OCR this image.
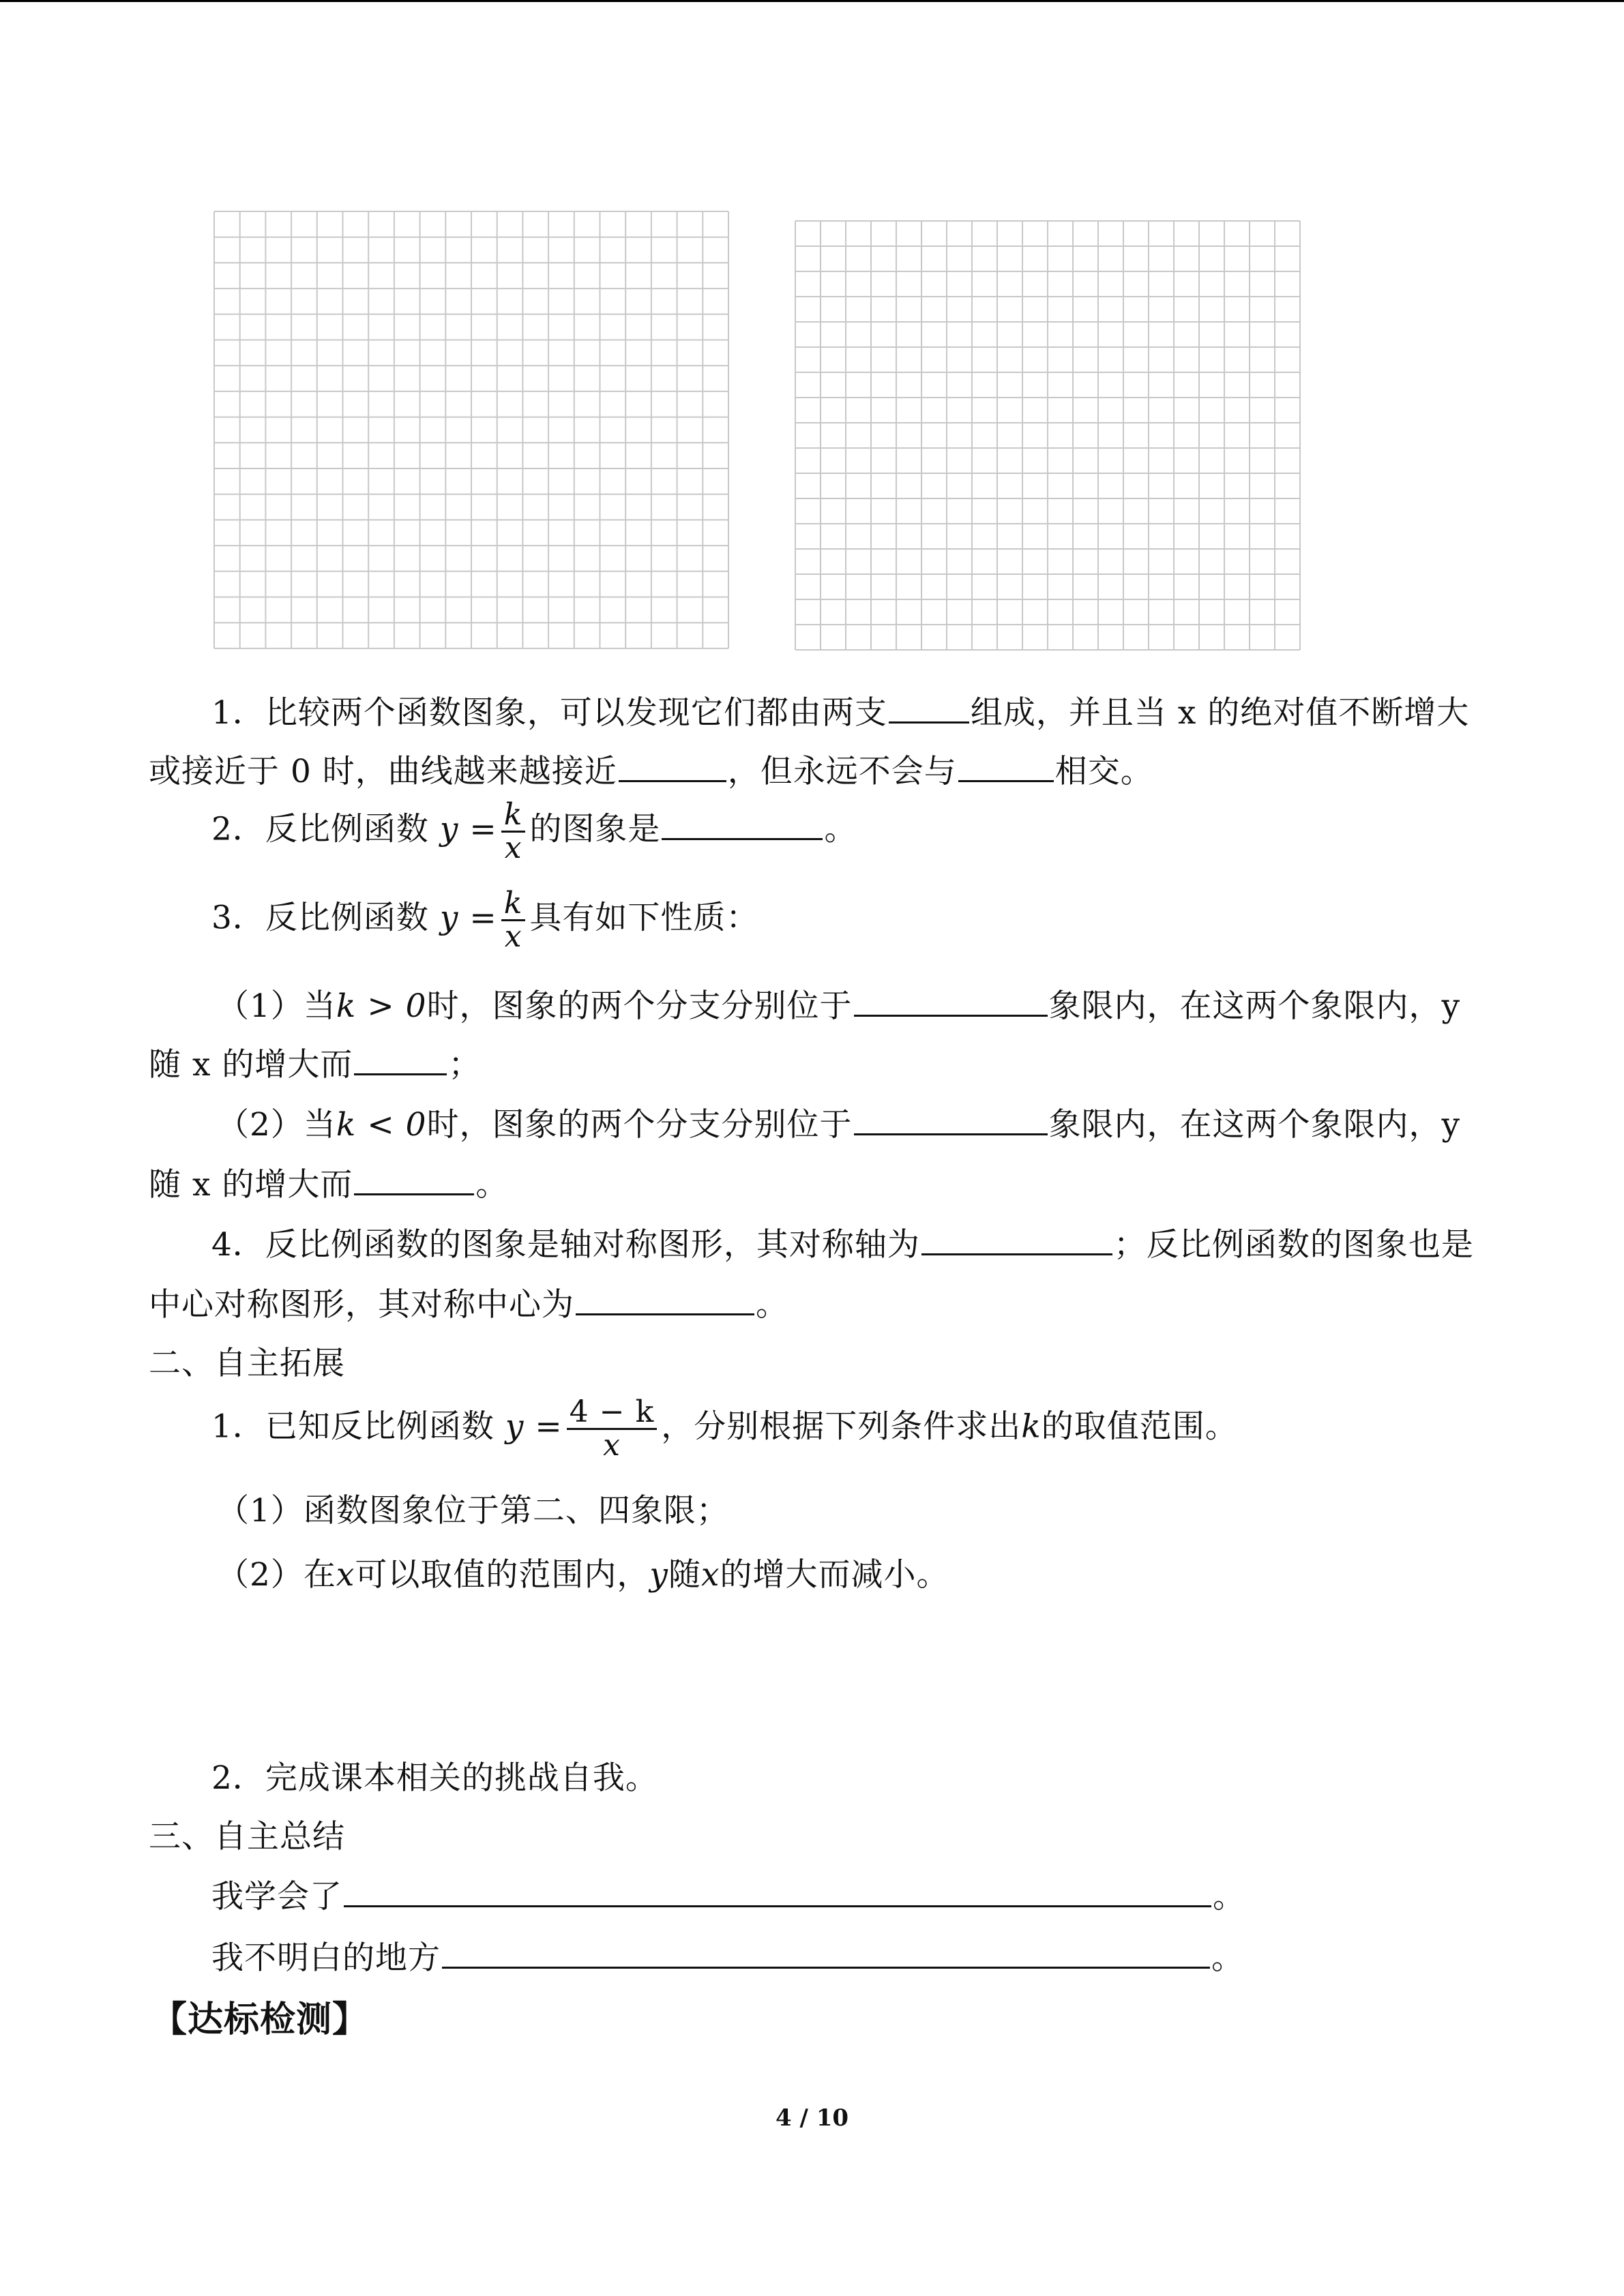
1．比较两个函数图象，可以发现它们都由两支	组成，并且当 x 的绝对值不断增大
或接近于 0 时，曲线越来越接近	，但永远不会与	相交。
2．反比例函数 $y = \frac{k}{x}$ 的图象是	。
3．反比例函数 $y = \frac{k}{x}$ 具有如下性质：
（1）当k > 0时，图象的两个分支分别位于	象限内，在这两个象限内，y
随 x 的增大而	；
（2）当k < 0时，图象的两个分支分别位于	象限内，在这两个象限内，y
随 x 的增大而	。
4．反比例函数的图象是轴对称图形，其对称轴为	；反比例函数的图象也是
中心对称图形，其对称中心为	。
二、自主拓展
1．已知反比例函数 $y = \frac{4 - k}{x}$ ，分别根据下列条件求出k的取值范围。
（1）函数图象位于第二、四象限；
（2）在x可以取值的范围内，y随x的增大而减小。
2．完成课本相关的挑战自我。
三、自主总结
我学会了	。
我不明白的地方	。
【达标检测】
4 / 10
